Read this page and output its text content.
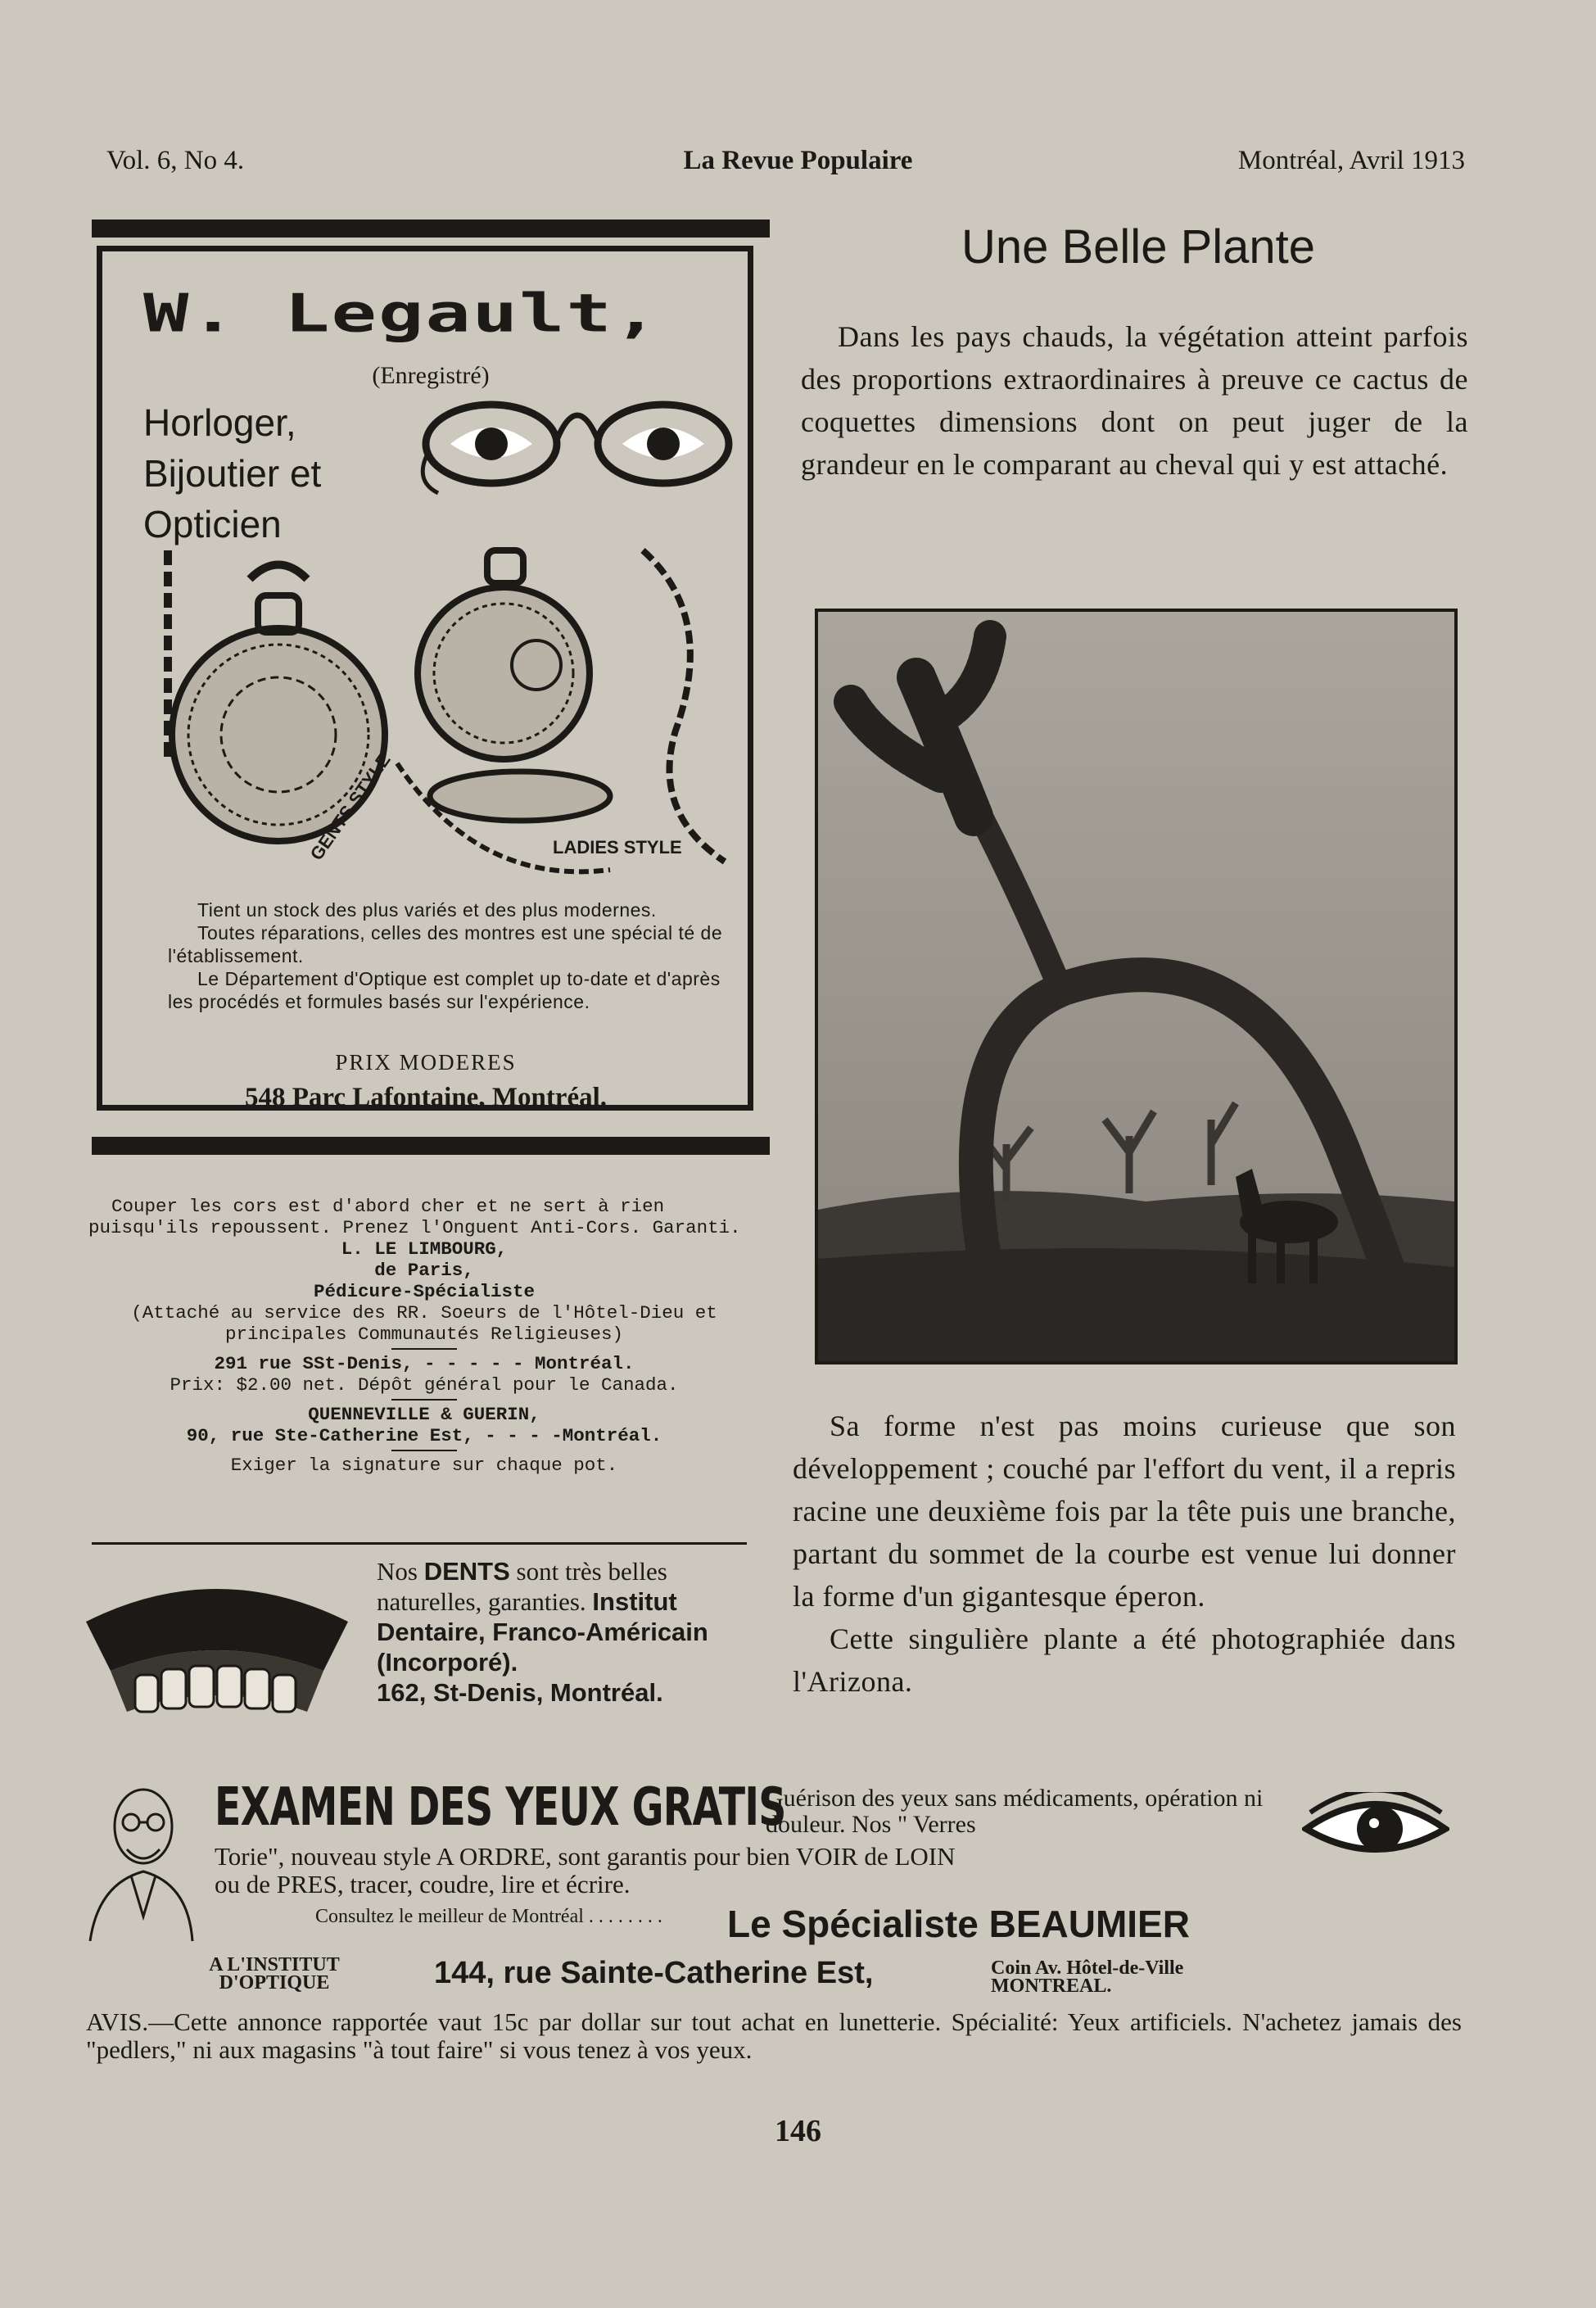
Vol. 6, No 4.	La Revue Populaire	Montréal, Avril 1913
W. Legault,
(Enregistré)
Horloger,
Bijoutier et
Opticien
GENTS STYLE	LADIES STYLE

Tient un stock des plus variés et des plus modernes.

Toutes réparations, celles des montres est une spécial té de l'établissement.

Le Département d'Optique est complet up to-date et d'après les procédés et formules basés sur l'expérience.

PRIX MODERES
548 Parc Lafontaine, Montréal.
Couper les cors est d'abord cher et ne sert à rien puisqu'ils repoussent. Prenez l'Onguent Anti-Cors. Garanti.
L. LE LIMBOURG,
de Paris,
Pédicure-Spécialiste
(Attaché au service des RR. Soeurs de l'Hôtel-Dieu et principales Communautés Religieuses)
291 rue SSt-Denis, - - - - - Montréal.
Prix: $2.00 net. Dépôt général pour le Canada.
QUENNEVILLE & GUERIN,
90, rue Ste-Catherine Est, - - - -Montréal.
Exiger la signature sur chaque pot.
Nos DENTS sont très belles naturelles, garanties. Institut Dentaire, Franco-Américain (Incorporé).
162, St-Denis, Montréal.
Une Belle Plante
Dans les pays chauds, la végétation atteint parfois des proportions extraordinaires à preuve ce cactus de coquettes dimensions dont on peut juger de la grandeur en le comparant au cheval qui y est attaché.

Sa forme n'est pas moins curieuse que son développement ; couché par l'effort du vent, il a repris racine une deuxième fois par la tête puis une branche, partant du sommet de la courbe est venue lui donner la forme d'un gigantesque éperon.

Cette singulière plante a été photographiée dans l'Arizona.

EXAMEN DES YEUX GRATIS
Guérison des yeux sans médicaments, opération ni douleur. Nos " Verres
Torie", nouveau style A ORDRE, sont garantis pour bien VOIR de LOIN
ou de PRES, tracer, coudre, lire et écrire.
Consultez le meilleur de Montréal . . . . . . . .	Le Spécialiste BEAUMIER
A L'INSTITUT D'OPTIQUE	144, rue Sainte-Catherine Est,	Coin Av. Hôtel-de-Ville MONTREAL.
AVIS.—Cette annonce rapportée vaut 15c par dollar sur tout achat en lunetterie. Spécialité: Yeux artificiels. N'achetez jamais des "pedlers," ni aux magasins "à tout faire" si vous tenez à vos yeux.
146
